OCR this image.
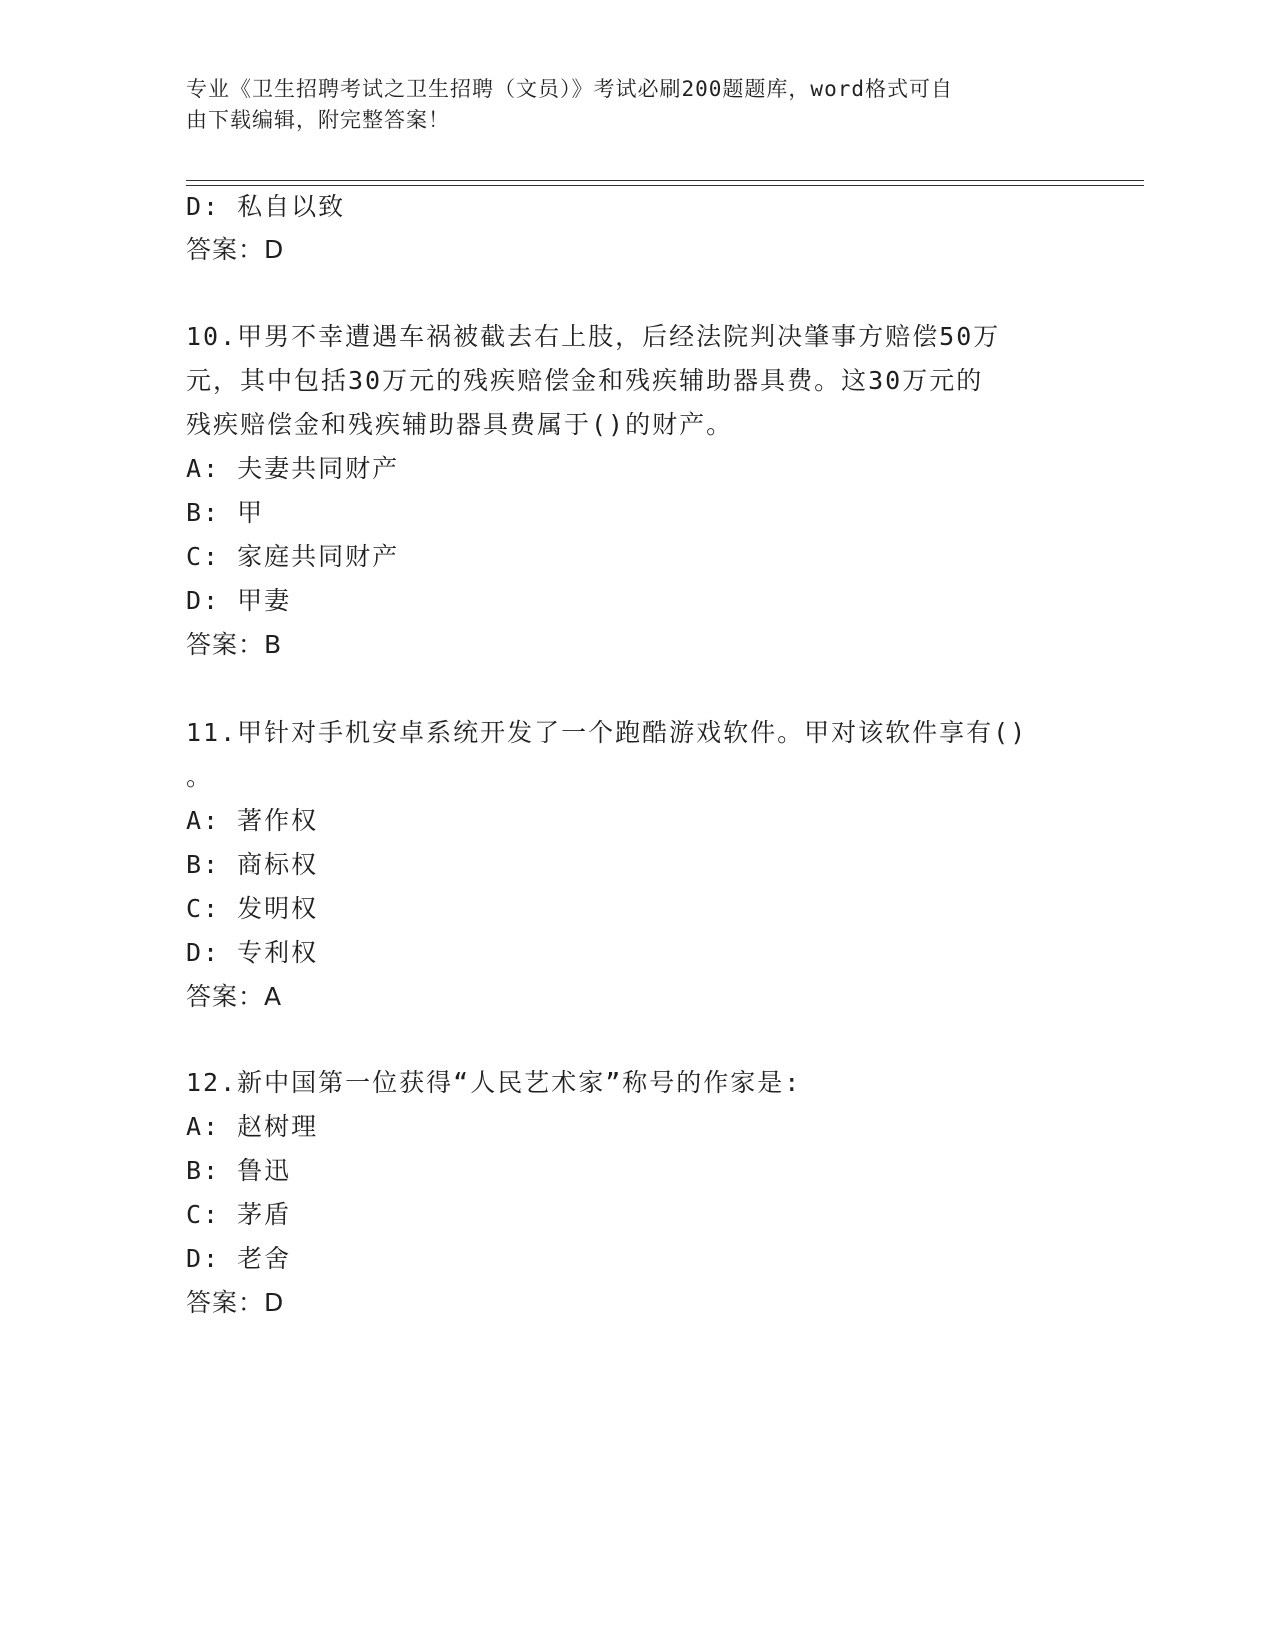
专业《卫生招聘考试之卫生招聘（文员）》考试必刷200题题库，word格式可自
由下载编辑，附完整答案！
D: 私自以致
答案：D
10.甲男不幸遭遇车祸被截去右上肢，后经法院判决肇事方赔偿50万
元，其中包括30万元的残疾赔偿金和残疾辅助器具费。这30万元的
残疾赔偿金和残疾辅助器具费属于()的财产。
A: 夫妻共同财产
B: 甲
C: 家庭共同财产
D: 甲妻
答案：B
11.甲针对手机安卓系统开发了一个跑酷游戏软件。甲对该软件享有()
。
A: 著作权
B: 商标权
C: 发明权
D: 专利权
答案：A
12.新中国第一位获得“人民艺术家”称号的作家是:
A: 赵树理
B: 鲁迅
C: 茅盾
D: 老舍
答案：D
